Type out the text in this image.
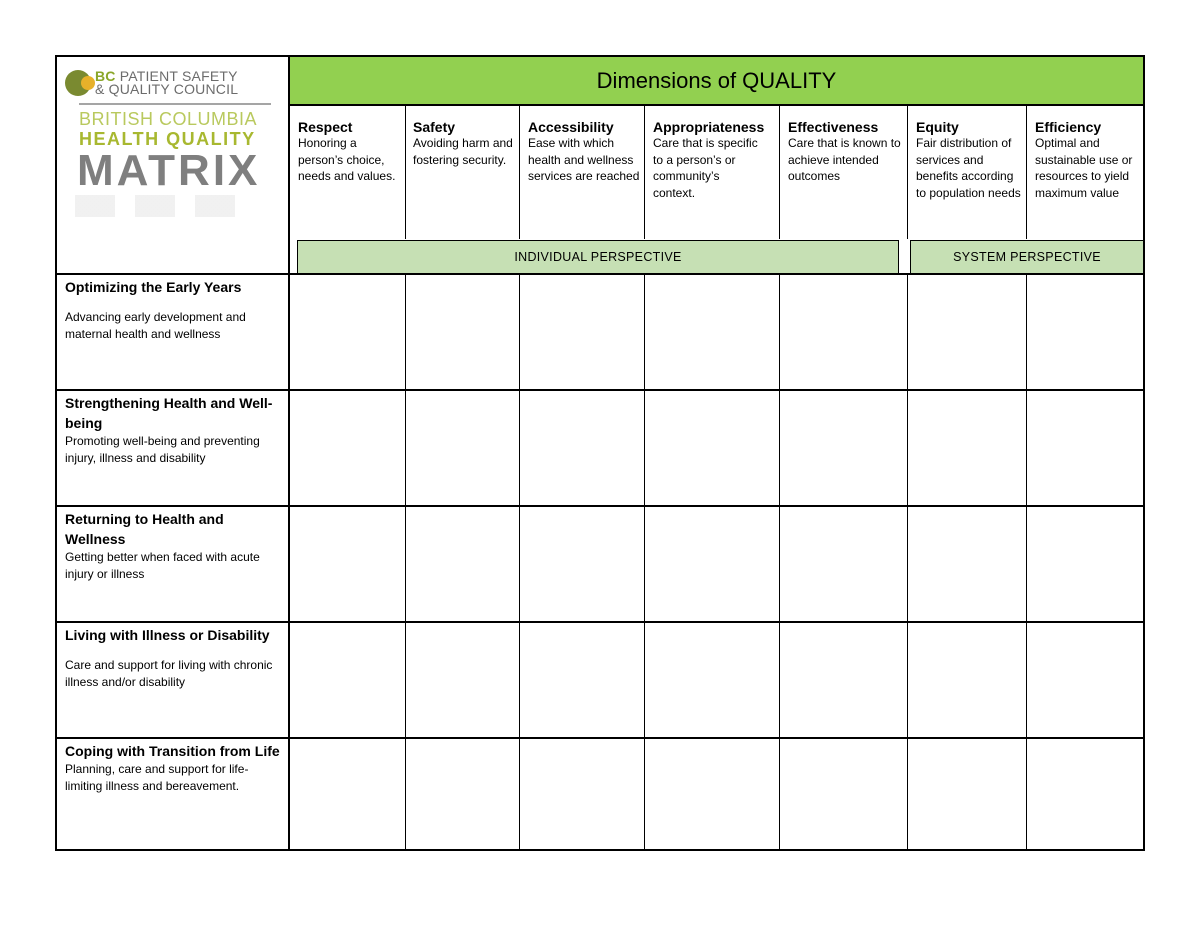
BC PATIENT SAFETY
& QUALITY COUNCIL
BRITISH COLUMBIA
HEALTH QUALITY
MATRIX
Dimensions of QUALITY
Respect
Honoring a person’s choice, needs and values.
Safety
Avoiding harm and fostering security.
Accessibility
Ease with which health and wellness services are reached
Appropriateness
Care that is specific to a person’s or community’s context.
Effectiveness
Care that is known to achieve intended outcomes
Equity
Fair distribution of services and benefits according to population needs
Efficiency
Optimal and sustainable use or resources to yield maximum value
INDIVIDUAL PERSPECTIVE	SYSTEM PERSPECTIVE
Optimizing the Early Years
Advancing early development and maternal health and wellness
Strengthening Health and Well-being
Promoting well-being and preventing injury, illness and disability
Returning to Health and Wellness
Getting better when faced with acute injury or illness
Living with Illness or Disability
Care and support for living with chronic illness and/or disability
Coping with Transition from Life
Planning, care and support for life-limiting illness and bereavement.
